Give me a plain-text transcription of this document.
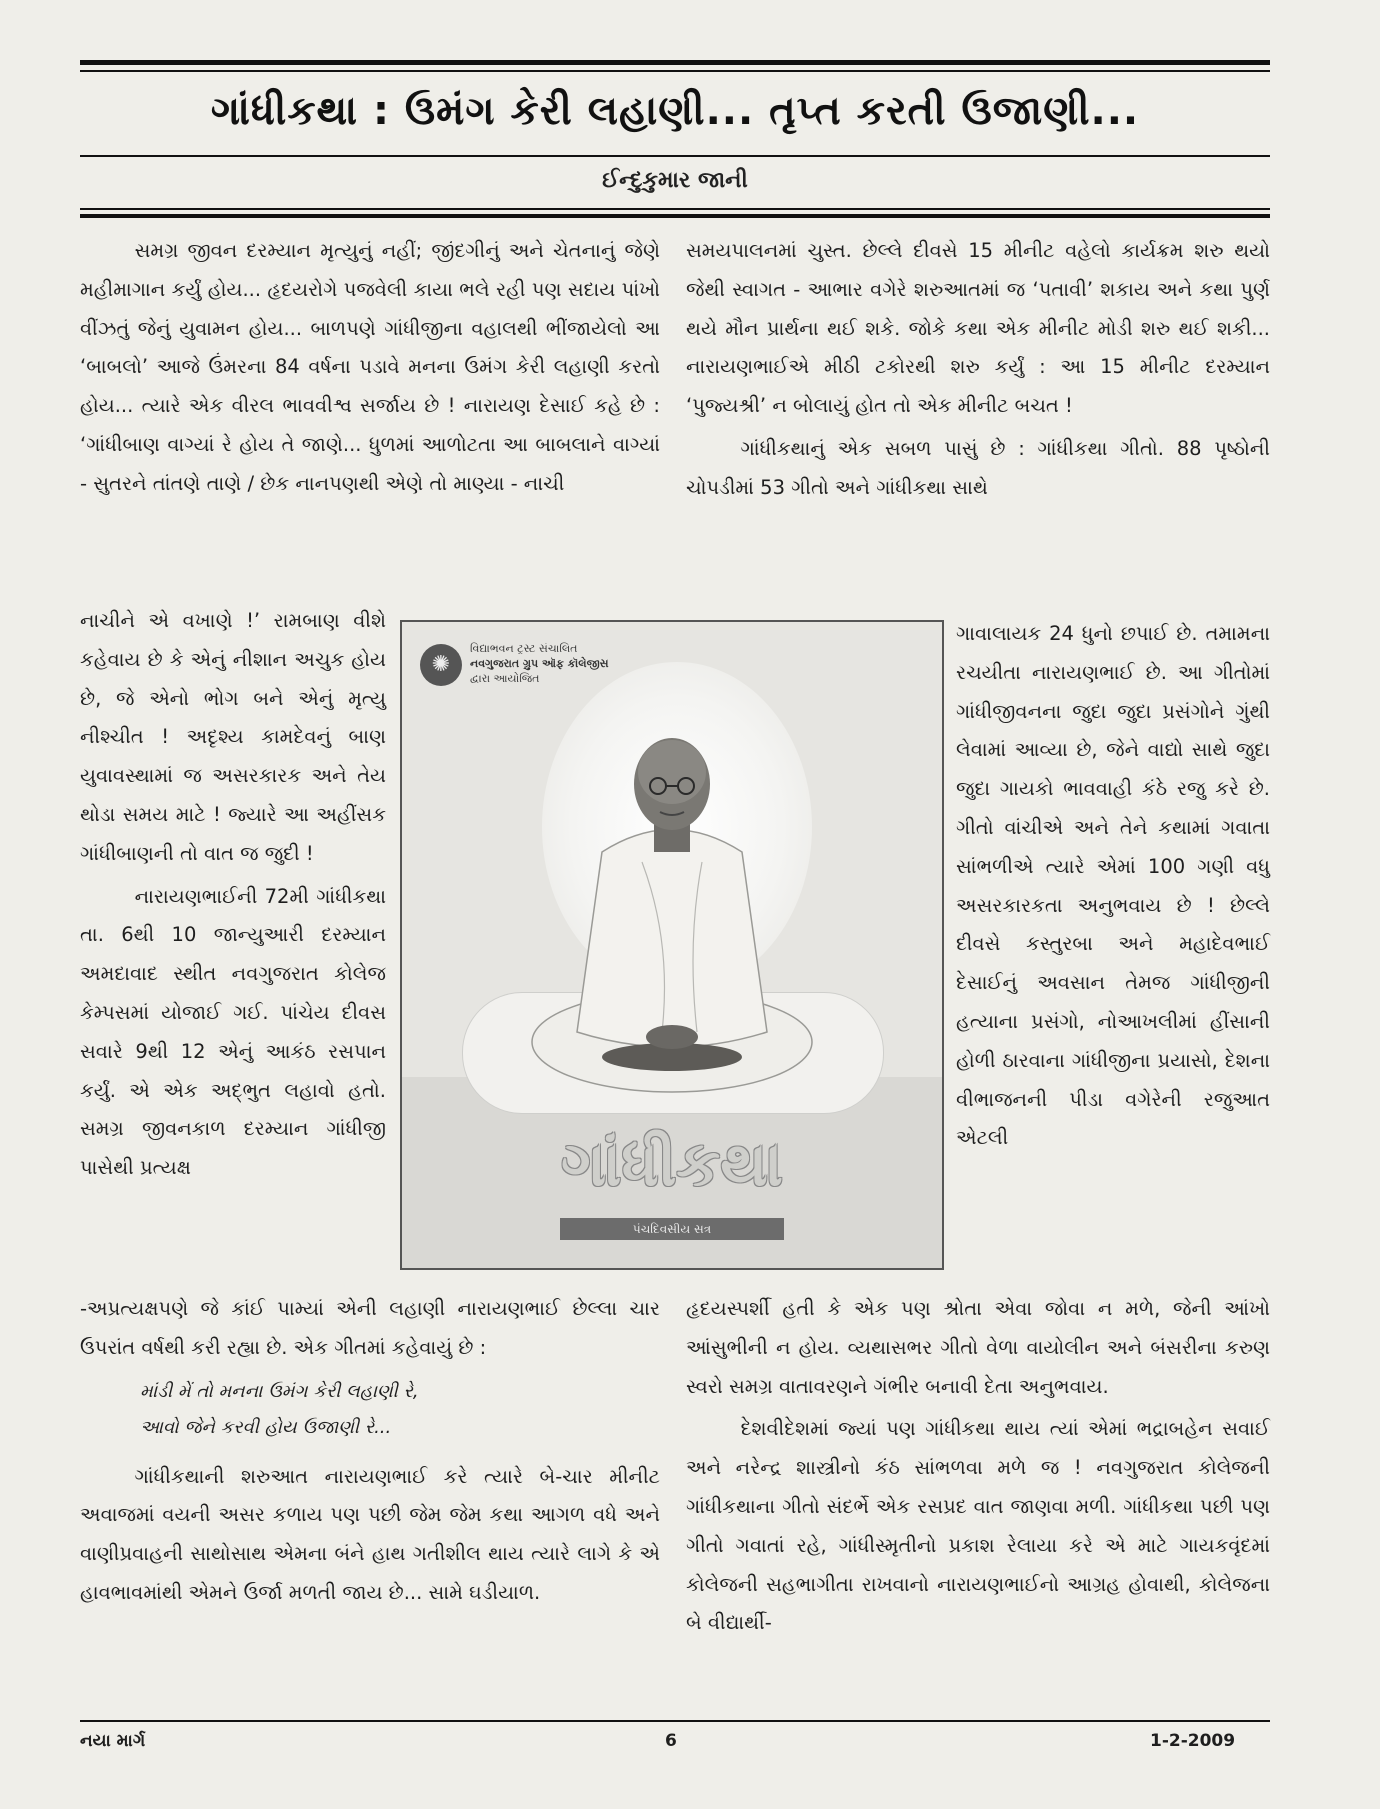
ગાંધીકથા : ઉમંગ કેરી લહાણી... તૃપ્ત કરતી ઉજાણી...
ઈન્દુકુમાર જાની

સમગ્ર જીવન દરમ્યાન મૃત્યુનું નહીં; જીંદગીનું અને ચેતનાનું જેણે મહીમાગાન કર્યું હોય... હૃદયરોગે પજવેલી કાયા ભલે રહી પણ સદાય પાંખો વીંઝતું જેનું યુવામન હોય... બાળપણે ગાંધીજીના વહાલથી ભીંજાયેલો આ ‘બાબલો’ આજે ઉંમરના 84 વર્ષના પડાવે મનના ઉમંગ કેરી લહાણી કરતો હોય... ત્યારે એક વીરલ ભાવવીશ્વ સર્જાય છે ! નારાયણ દેસાઈ કહે છે : ‘ગાંધીબાણ વાગ્યાં રે હોય તે જાણે... ધુળમાં આળોટતા આ બાબલાને વાગ્યાં - સુતરને તાંતણે તાણે / છેક નાનપણથી એણે તો માણ્યા - નાચી

નાચીને એ વખાણે !’ રામબાણ વીશે કહેવાય છે કે એનું નીશાન અચુક હોય છે, જે એનો ભોગ બને એનું મૃત્યુ નીશ્ચીત ! અદૃશ્ય કામદેવનું બાણ યુવાવસ્થામાં જ અસરકારક અને તેય થોડા સમય માટે ! જ્યારે આ અહીંસક ગાંધીબાણની તો વાત જ જુદી !

નારાયણભાઈની 72મી ગાંધીકથા તા. 6થી 10 જાન્યુઆરી દરમ્યાન અમદાવાદ સ્થીત નવગુજરાત કોલેજ કેમ્પસમાં યોજાઈ ગઈ. પાંચેય દીવસ સવારે 9થી 12 એનું આકંઠ રસપાન કર્યું. એ એક અદ્ભુત લહાવો હતો. સમગ્ર જીવનકાળ દરમ્યાન ગાંધીજી પાસેથી પ્રત્યક્ષ

-અપ્રત્યક્ષપણે જે કાંઈ પામ્યાં એની લહાણી નારાયણભાઈ છેલ્લા ચાર ઉપરાંત વર્ષથી કરી રહ્યા છે. એક ગીતમાં કહેવાયું છે :

માંડી મેં તો મનના ઉમંગ કેરી લહાણી રે,
આવો જેને કરવી હોય ઉજાણી રે...

ગાંધીકથાની શરુઆત નારાયણભાઈ કરે ત્યારે બે-ચાર મીનીટ અવાજમાં વયની અસર કળાય પણ પછી જેમ જેમ કથા આગળ વધે અને વાણીપ્રવાહની સાથોસાથ એમના બંને હાથ ગતીશીલ થાય ત્યારે લાગે કે એ હાવભાવમાંથી એમને ઉર્જા મળતી જાય છે... સામે ઘડીયાળ.

સમયપાલનમાં ચુસ્ત. છેલ્લે દીવસે 15 મીનીટ વહેલો કાર્યક્રમ શરુ થયો જેથી સ્વાગત - આભાર વગેરે શરુઆતમાં જ ‘પતાવી’ શકાય અને કથા પુર્ણ થયે મૌન પ્રાર્થના થઈ શકે. જોકે કથા એક મીનીટ મોડી શરુ થઈ શકી... નારાયણભાઈએ મીઠી ટકોરથી શરુ કર્યું : આ 15 મીનીટ દરમ્યાન ‘પુજ્યશ્રી’ ન બોલાયું હોત તો એક મીનીટ બચત !

ગાંધીકથાનું એક સબળ પાસું છે : ગાંધીકથા ગીતો. 88 પૃષ્ઠોની ચોપડીમાં 53 ગીતો અને ગાંધીકથા સાથે

ગાવાલાયક 24 ધુનો છપાઈ છે. તમામના રચયીતા નારાયણભાઈ છે. આ ગીતોમાં ગાંધીજીવનના જુદા જુદા પ્રસંગોને ગુંથી લેવામાં આવ્યા છે, જેને વાદ્યો સાથે જુદા જુદા ગાયકો ભાવવાહી કંઠે રજુ કરે છે. ગીતો વાંચીએ અને તેને કથામાં ગવાતા સાંભળીએ ત્યારે એમાં 100 ગણી વધુ અસરકારકતા અનુભવાય છે ! છેલ્લે દીવસે કસ્તુરબા અને મહાદેવભાઈ દેસાઈનું અવસાન તેમજ ગાંધીજીની હત્યાના પ્રસંગો, નોઆખલીમાં હીંસાની હોળી ઠારવાના ગાંધીજીના પ્રયાસો, દેશના વીભાજનની પીડા વગેરેની રજુઆત એટલી

હૃદયસ્પર્શી હતી કે એક પણ શ્રોતા એવા જોવા ન મળે, જેની આંખો આંસુભીની ન હોય. વ્યથાસભર ગીતો વેળા વાયોલીન અને બંસરીના કરુણ સ્વરો સમગ્ર વાતાવરણને ગંભીર બનાવી દેતા અનુભવાય.

દેશવીદેશમાં જ્યાં પણ ગાંધીકથા થાય ત્યાં એમાં ભદ્રાબહેન સવાઈ અને નરેન્દ્ર શાસ્ત્રીનો કંઠ સાંભળવા મળે જ ! નવગુજરાત કોલેજની ગાંધીકથાના ગીતો સંદર્ભે એક રસપ્રદ વાત જાણવા મળી. ગાંધીકથા પછી પણ ગીતો ગવાતાં રહે, ગાંધીસ્મૃતીનો પ્રકાશ રેલાયા કરે એ માટે ગાયકવૃંદમાં કોલેજની સહભાગીતા રાખવાનો નારાયણભાઈનો આગ્રહ હોવાથી, કોલેજના બે વીદ્યાર્થી-

✺
વિદ્યાભવન ટ્રસ્ટ સંચાલિત
નવગુજરાત ગ્રુપ ઑફ કૉલેજીસ
દ્વારા આયોજિત
ગાંધીકથા
પંચદિવસીય સત્ર
નયા માર્ગ	6	1-2-2009
